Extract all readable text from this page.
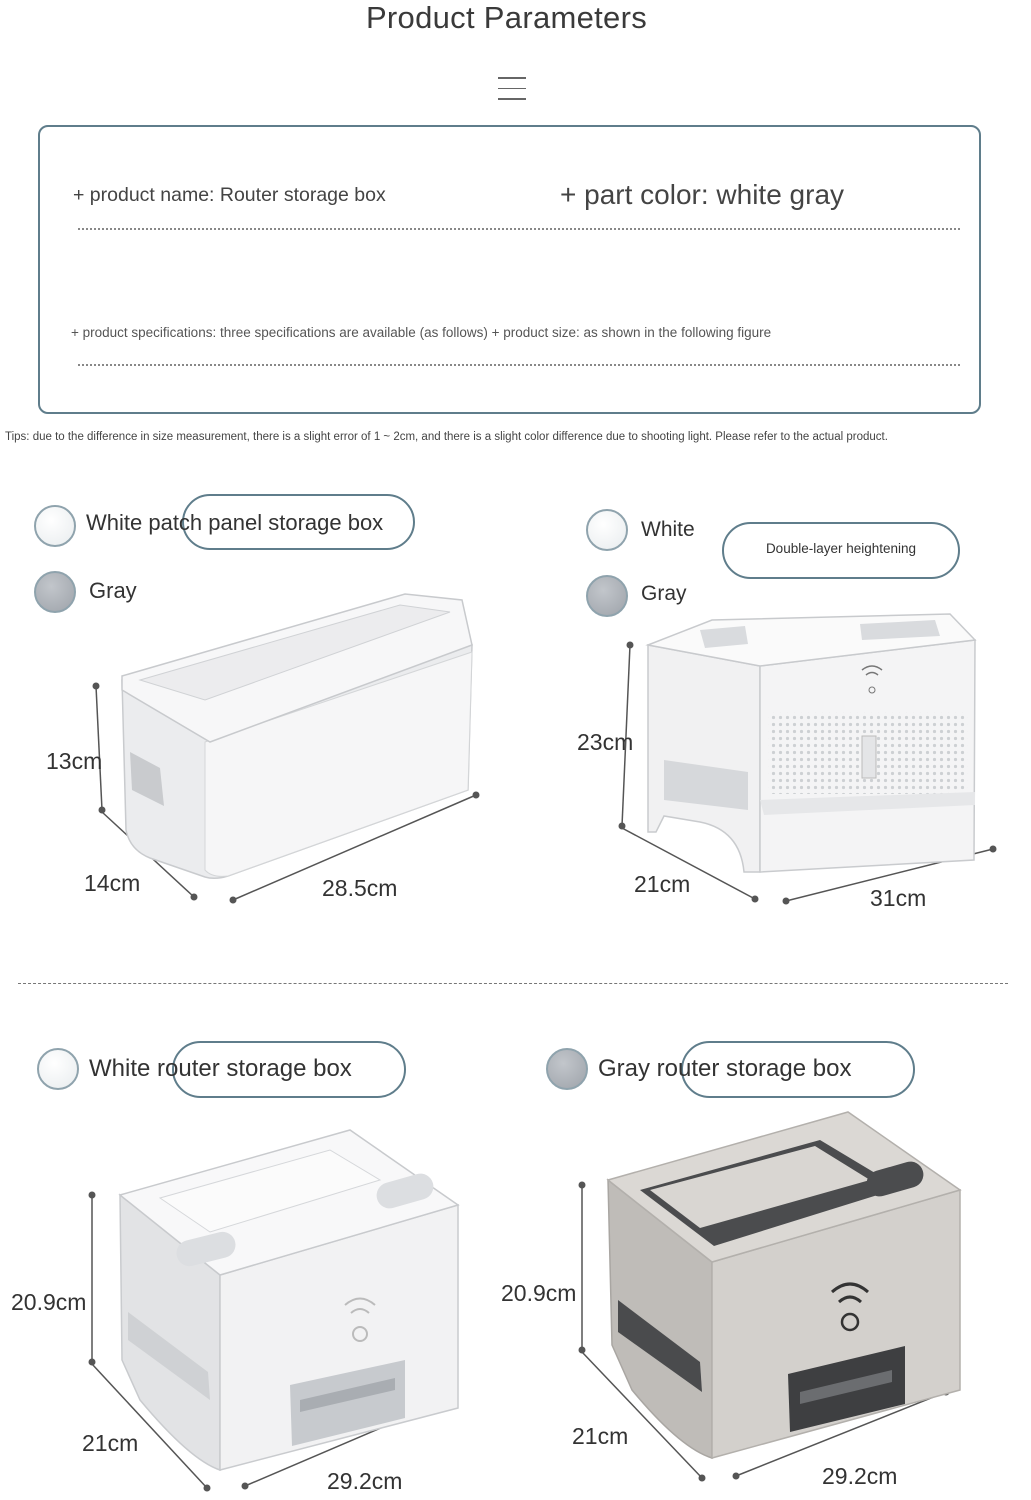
Product Parameters
+ product name: Router storage box	+ part color: white gray
+ product specifications: three specifications are available (as follows) + product size: as shown in the following figure
Tips: due to the difference in size measurement, there is a slight error of 1 ~ 2cm, and there is a slight color difference due to shooting light. Please refer to the actual product.
White patch panel storage box
Gray
13cm
14cm	28.5cm
White
Double-layer heightening
Gray
23cm
21cm
31cm
White router storage box
20.9cm
21cm
29.2cm
Gray router storage box
20.9cm
21cm
29.2cm
